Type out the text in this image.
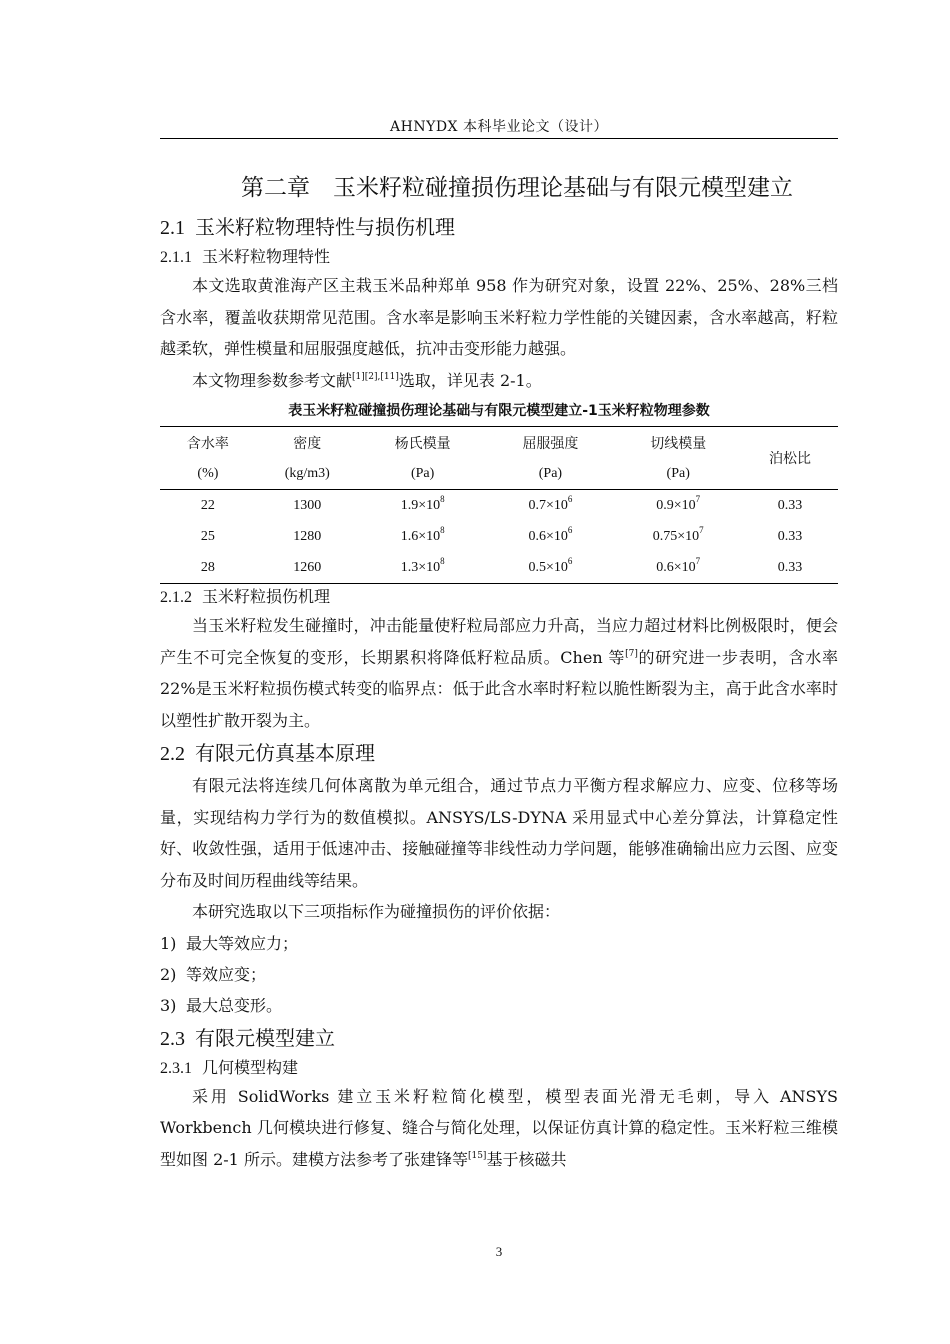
AHNYDX 本科毕业论文（设计）
第二章　玉米籽粒碰撞损伤理论基础与有限元模型建立
2.1 玉米籽粒物理特性与损伤机理
2.1.1 玉米籽粒物理特性

本文选取黄淮海产区主栽玉米品种郑单 958 作为研究对象，设置 22%、25%、28%三档含水率，覆盖收获期常见范围。含水率是影响玉米籽粒力学性能的关键因素，含水率越高，籽粒越柔软，弹性模量和屈服强度越低，抗冲击变形能力越强。

本文物理参数参考文献[1][2],[11]选取，详见表 2-1。

表玉米籽粒碰撞损伤理论基础与有限元模型建立-1玉米籽粒物理参数
含水率	密度	杨氏模量	屈服强度	切线模量	泊松比
(%)	(kg/m3)	(Pa)	(Pa)	(Pa)	
22	1300	$1.9\times 10^8$	$0.7\times 10^6$	$0.9\times 10^7$	0.33
25	1280	$1.6\times 10^8$	$0.6\times 10^6$	$0.75\times 10^7$	0.33
28	1260	$1.3\times 10^8$	$0.5\times 10^6$	$0.6\times 10^7$	0.33
2.1.2 玉米籽粒损伤机理

当玉米籽粒发生碰撞时，冲击能量使籽粒局部应力升高，当应力超过材料比例极限时，便会产生不可完全恢复的变形，长期累积将降低籽粒品质。Chen 等[7]的研究进一步表明，含水率 22%是玉米籽粒损伤模式转变的临界点：低于此含水率时籽粒以脆性断裂为主，高于此含水率时以塑性扩散开裂为主。

2.2 有限元仿真基本原理

有限元法将连续几何体离散为单元组合，通过节点力平衡方程求解应力、应变、位移等场量，实现结构力学行为的数值模拟。ANSYS/LS-DYNA 采用显式中心差分算法，计算稳定性好、收敛性强，适用于低速冲击、接触碰撞等非线性动力学问题，能够准确输出应力云图、应变分布及时间历程曲线等结果。

本研究选取以下三项指标作为碰撞损伤的评价依据：

1) 最大等效应力；
2) 等效应变；
3) 最大总变形。
2.3 有限元模型建立
2.3.1 几何模型构建

采用 SolidWorks 建立玉米籽粒简化模型，模型表面光滑无毛刺，导入 ANSYS Workbench 几何模块进行修复、缝合与简化处理，以保证仿真计算的稳定性。玉米籽粒三维模型如图 2-1 所示。建模方法参考了张建锋等[15]基于核磁共

3
